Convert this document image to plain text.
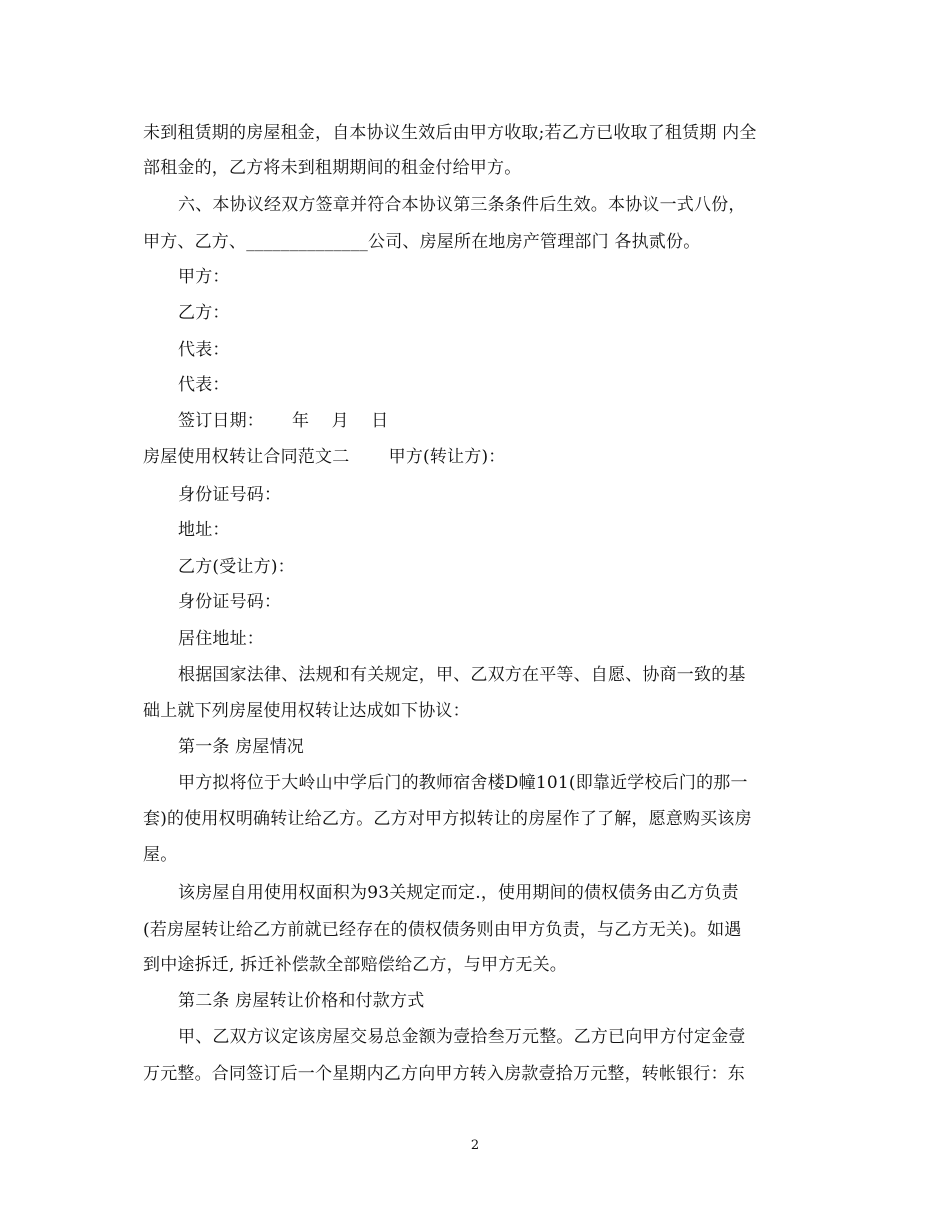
未到租赁期的房屋租金，自本协议生效后由甲方收取;若乙方已收取了租赁期 内全
部租金的，乙方将未到租期期间的租金付给甲方。
六、本协议经双方签章并符合本协议第三条条件后生效。本协议一式八份，
甲方、乙方、______________公司、房屋所在地房产管理部门 各执贰份。
甲方：
乙方：
代表：
代表：
签订日期：     年    月    日
房屋使用权转让合同范文二       甲方(转让方)：
身份证号码：
地址：
乙方(受让方)：
身份证号码：
居住地址：
根据国家法律、法规和有关规定，甲、乙双方在平等、自愿、协商一致的基
础上就下列房屋使用权转让达成如下协议：
第一条 房屋情况
甲方拟将位于大岭山中学后门的教师宿舍楼D幢101(即靠近学校后门的那一
套)的使用权明确转让给乙方。乙方对甲方拟转让的房屋作了了解，愿意购买该房
屋。
该房屋自用使用权面积为93关规定而定.，使用期间的债权债务由乙方负责
(若房屋转让给乙方前就已经存在的债权债务则由甲方负责，与乙方无关)。如遇
到中途拆迁, 拆迁补偿款全部赔偿给乙方，与甲方无关。
第二条 房屋转让价格和付款方式
甲、乙双方议定该房屋交易总金额为壹拾叁万元整。乙方已向甲方付定金壹
万元整。合同签订后一个星期内乙方向甲方转入房款壹拾万元整，转帐银行：东
2
